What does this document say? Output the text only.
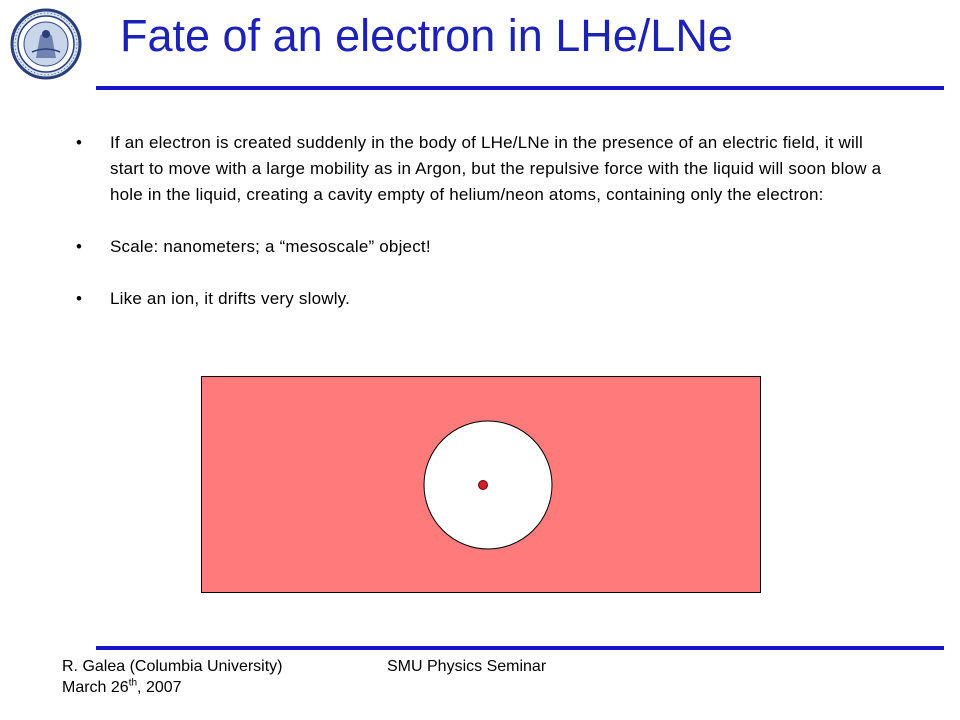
Fate of an electron in LHe/LNe
• If an electron is created suddenly in the body of LHe/LNe in the presence of an electric field, it will start to move with a large mobility as in Argon, but the repulsive force with the liquid will soon blow a hole in the liquid, creating a cavity empty of helium/neon atoms, containing only the electron:
• Scale: nanometers; a “mesoscale” object!
• Like an ion, it drifts very slowly.
R. Galea (Columbia University)
March 26th, 2007
SMU Physics Seminar
